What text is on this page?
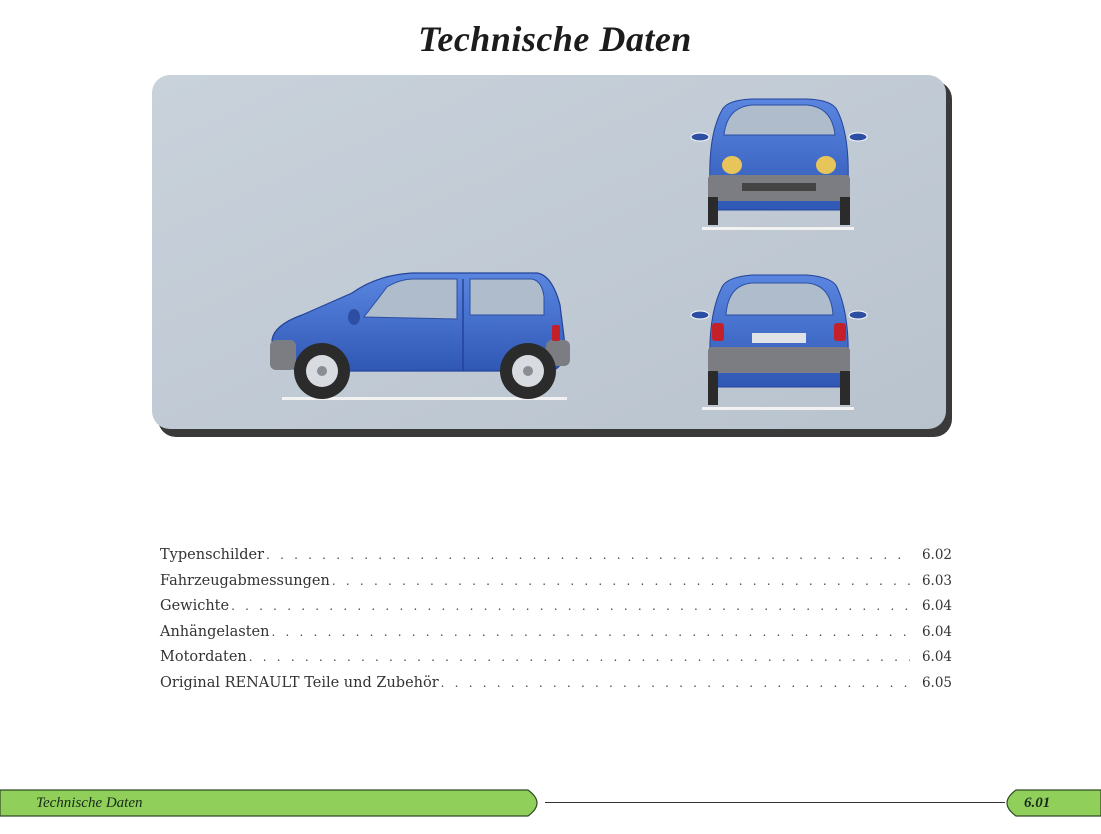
Technische Daten
Typenschilder . . .	6.02
Fahrzeugabmessungen . . .	6.03
Gewichte . . .	6.04
Anhängelasten . . .	6.04
Motordaten . . .	6.04
Original RENAULT Teile und Zubehör . . .	6.05
Technische Daten	6.01
